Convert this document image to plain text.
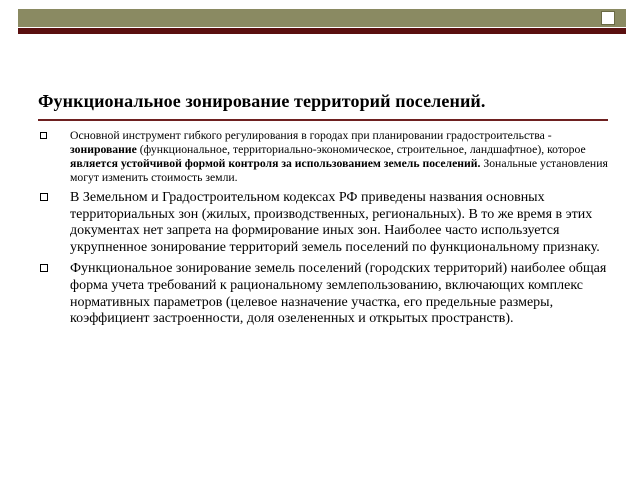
Функциональное зонирование территорий поселений.
Основной инструмент гибкого регулирования в городах при планировании градостроительства - зонирование (функциональное, территориально-экономическое, строительное, ландшафтное), которое является устойчивой формой контроля за использованием земель поселений. Зональные установления могут изменить стоимость земли.
В Земельном и Градостроительном кодексах РФ приведены названия основных территориальных зон (жилых, производственных, региональных). В то же время в этих документах нет запрета на формирование иных зон. Наиболее часто используется укрупненное зонирование территорий земель поселений по функциональному признаку.
Функциональное зонирование земель поселений (городских территорий) наиболее общая форма учета требований к рациональному землепользованию, включающих комплекс нормативных параметров (целевое назначение участка, его предельные размеры, коэффициент застроенности, доля озелененных и открытых пространств).
